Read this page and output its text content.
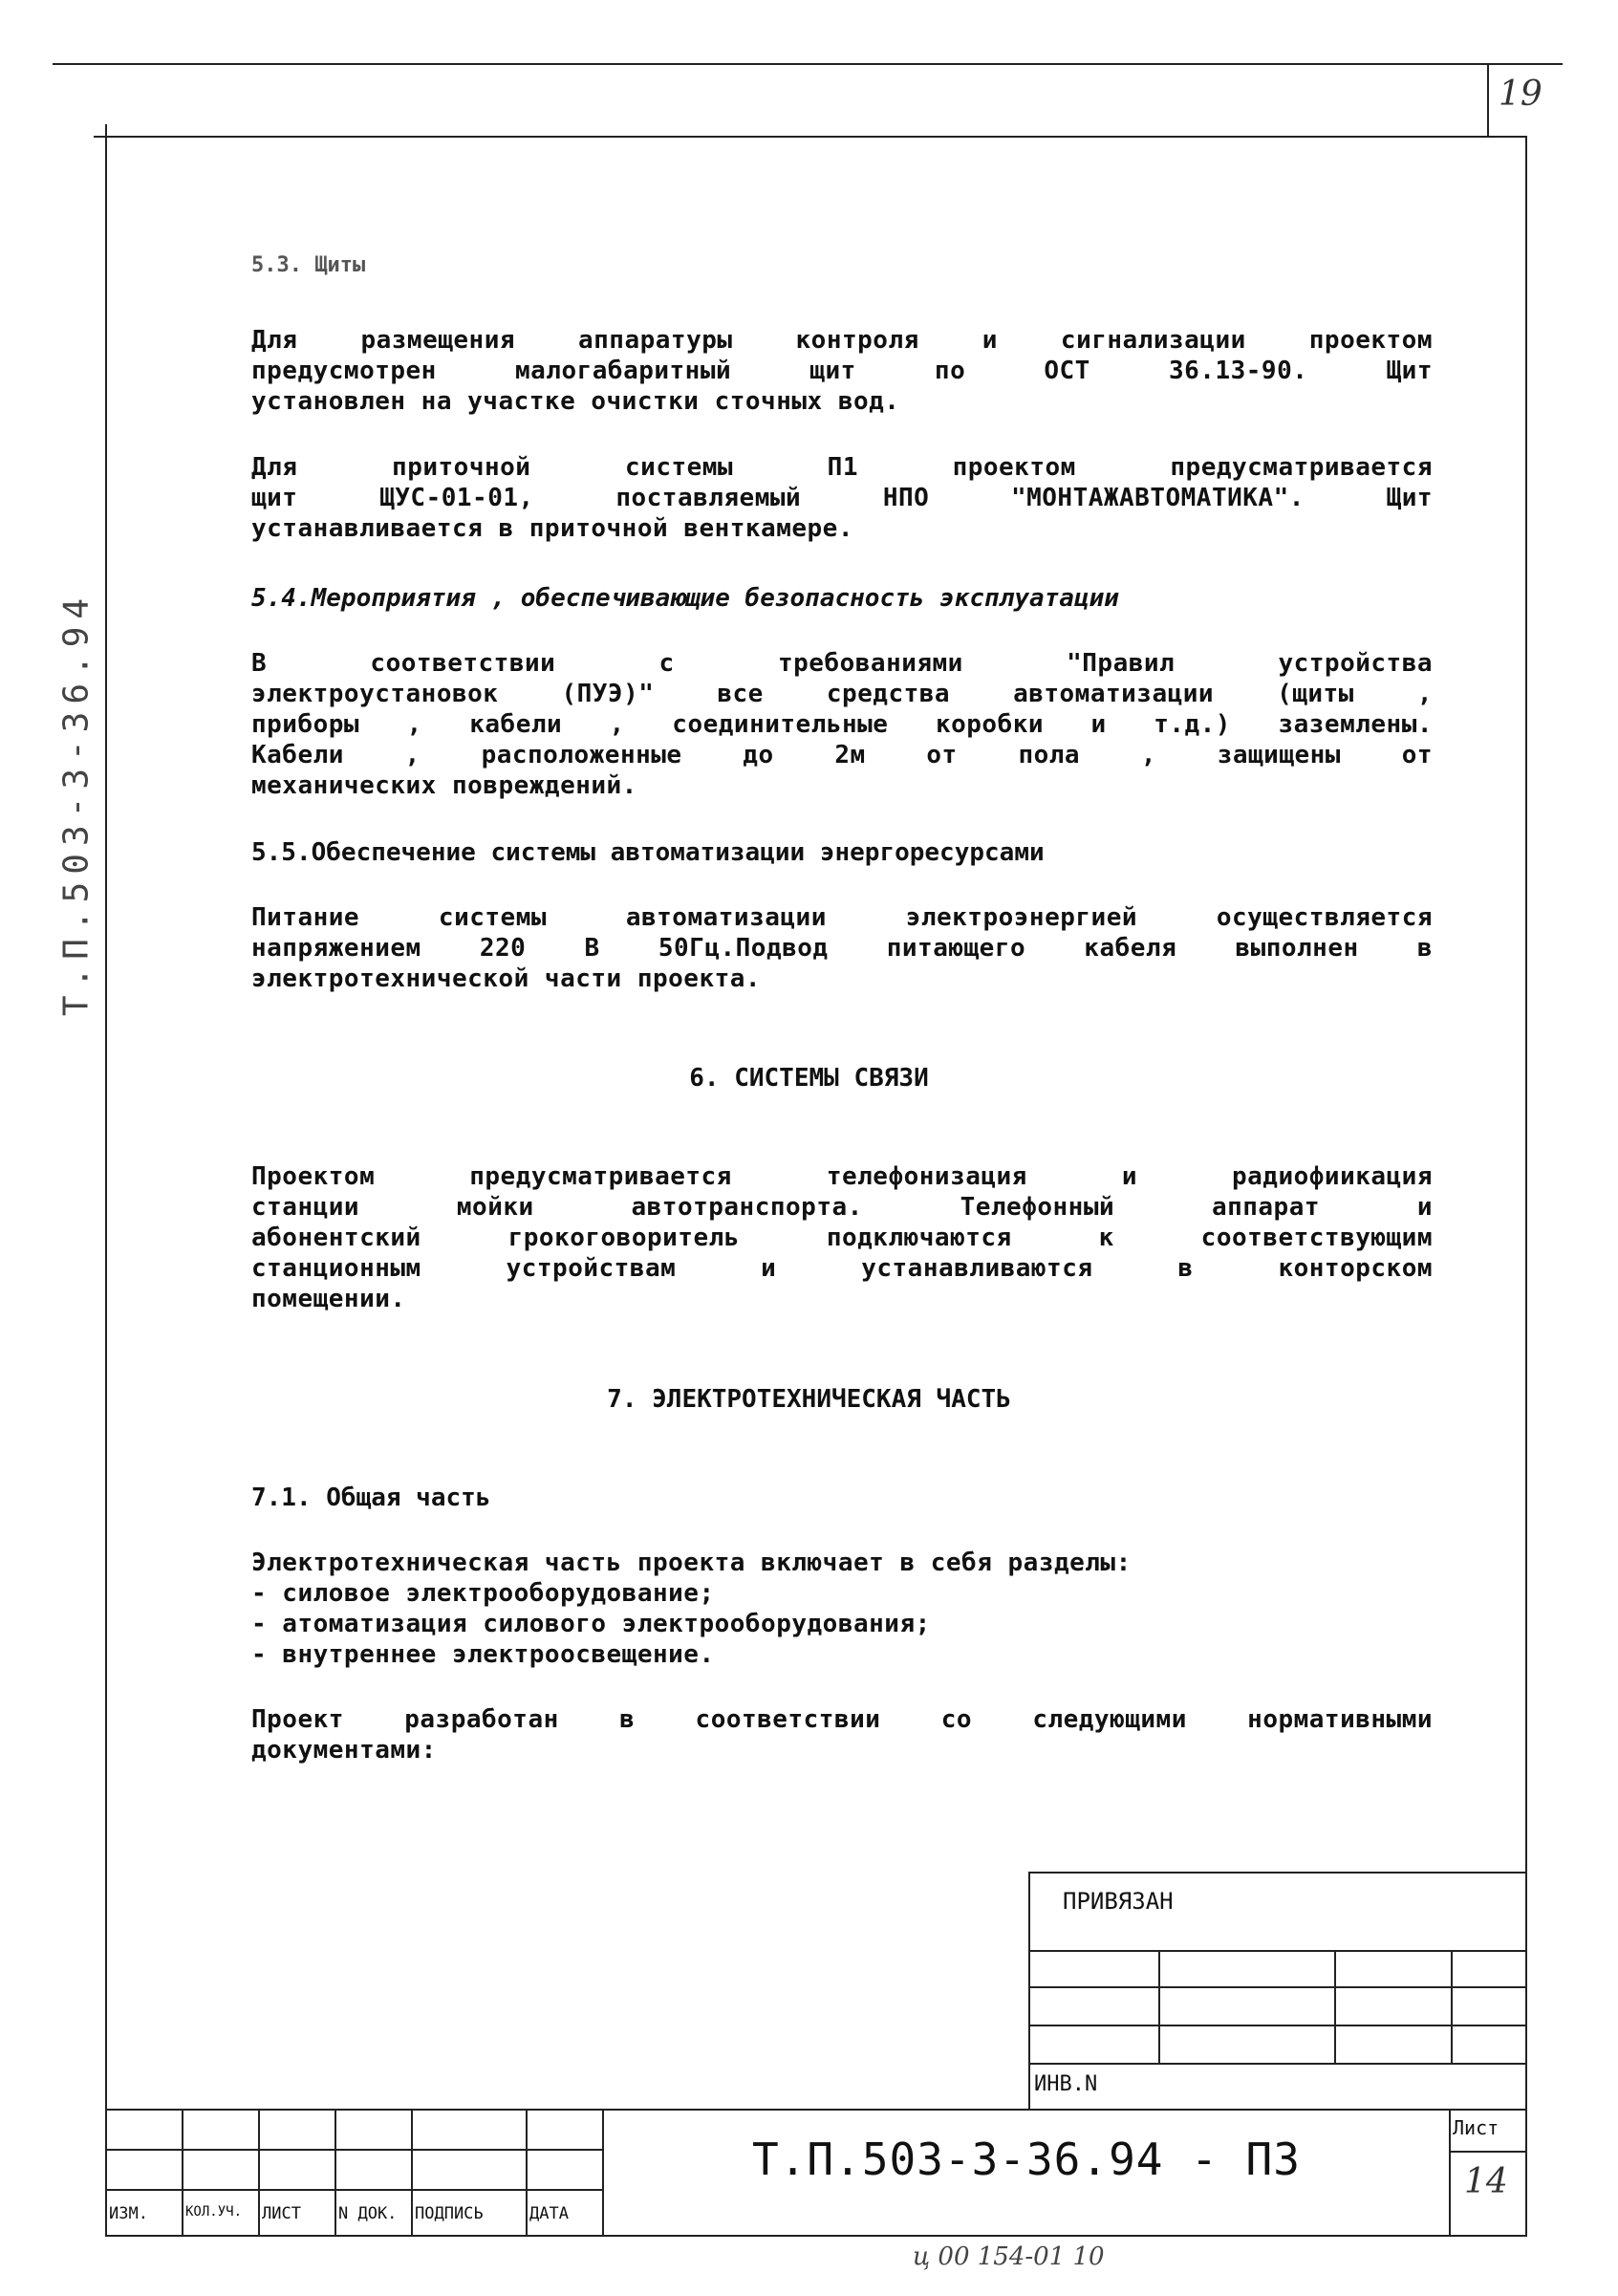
19
Т.П.503-3-36.94
5.3. Щиты
Для размещения аппаратуры контроля и сигнализации проектом
предусмотрен малогабаритный щит по ОСТ 36.13-90. Щит
установлен на участке очистки сточных вод.
Для приточной системы П1 проектом предусматривается
щит ЩУС-01-01, поставляемый НПО "МОНТАЖАВТОМАТИКА". Щит
устанавливается в приточной венткамере.
5.4.Мероприятия , обеспечивающие безопасность эксплуатации
В соответствии с требованиями "Правил устройства
электроустановок (ПУЭ)" все средства автоматизации (щиты ,
приборы , кабели , соединительные коробки и т.д.) заземлены.
Кабели , расположенные до 2м от пола , защищены от
механических повреждений.
5.5.Обеспечение системы автоматизации энергоресурсами
Питание системы автоматизации электроэнергией осуществляется
напряжением 220 В 50Гц.Подвод питающего кабеля выполнен в
электротехнической части проекта.
6. СИСТЕМЫ СВЯЗИ
Проектом предусматривается телефонизация и радиофиикация
станции мойки автотранспорта. Телефонный аппарат и
абонентский грокоговоритель подключаются к соответствующим
станционным устройствам и устанавливаются в конторском
помещении.
7. ЭЛЕКТРОТЕХНИЧЕСКАЯ ЧАСТЬ
7.1. Общая часть
Электротехническая часть проекта включает в себя разделы:
- силовое электрооборудование;
- атоматизация силового электрооборудования;
- внутреннее электроосвещение.
Проект разработан в соответствии со следующими нормативными
документами:
ПРИВЯЗАН
ИНВ.N
ИЗМ.	КОЛ.УЧ. ЛИСТ N ДОК. ПОДПИСЬ	ДАТА
Т.П.503-3-36.94 - ПЗ
Лист
14
ц 00 154-01 10
